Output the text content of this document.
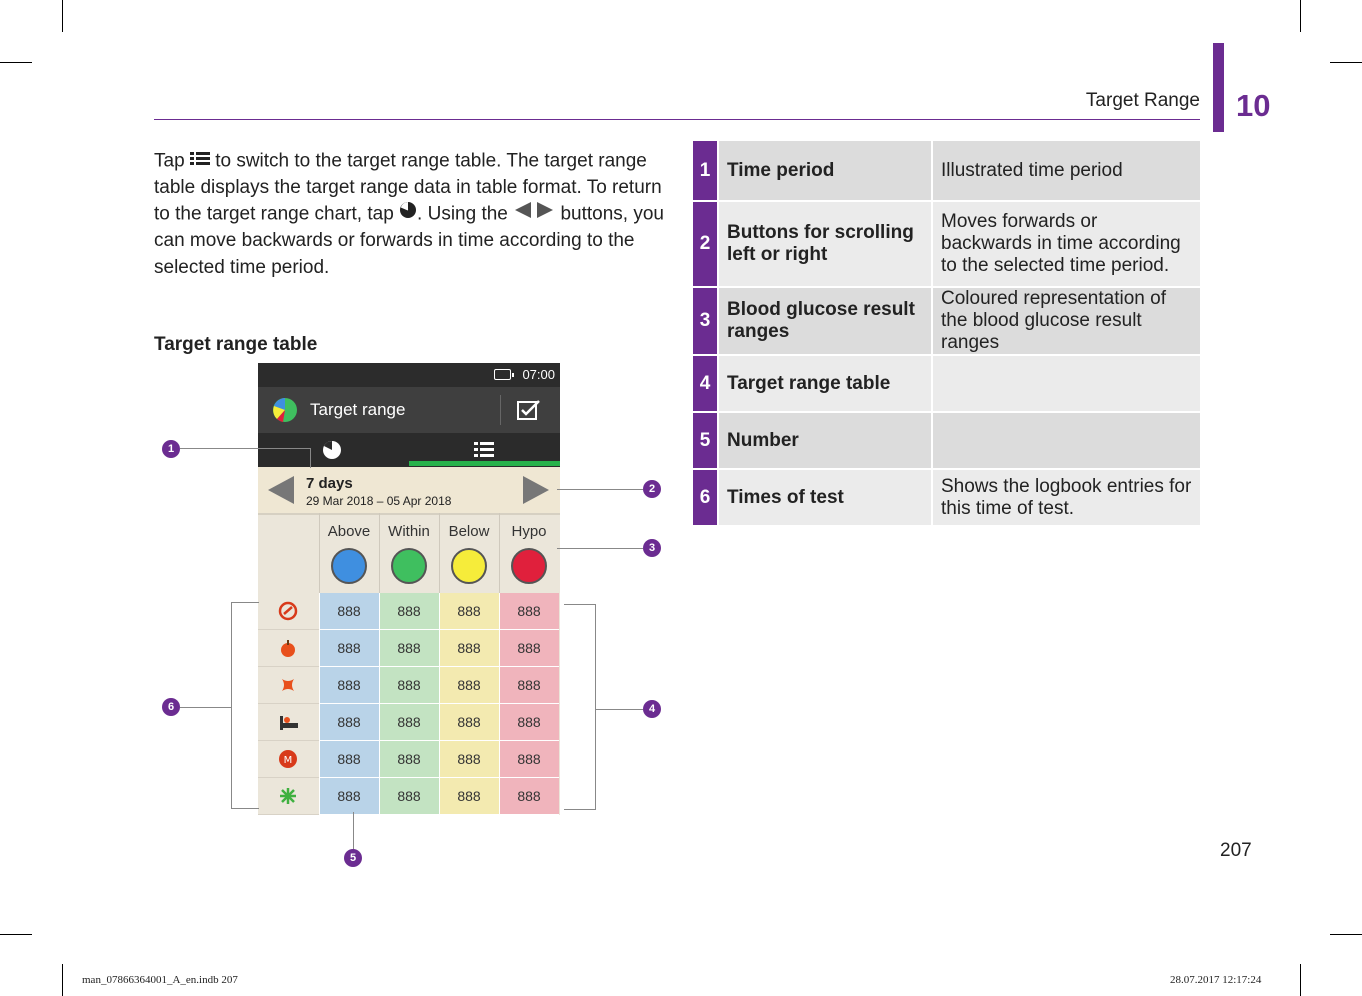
Target Range 10
Tap to switch to the target range table. The target range table displays the target range data in table format. To return to the target range chart, tap . Using the	buttons, you can move backwards or forwards in time according to the selected time period.
Target range table
07:00
Target range
7 days
29 Mar 2018 – 05 Apr 2018
Above	Within	Below	Hypo
888	888	888	888
888	888	888	888
888	888	888	888
888	888	888	888
M	888	888	888	888
888	888	888	888
1
2
3
4
5
6
1	Time period	Illustrated time period
2	Buttons for scrolling left or right	Moves forwards or backwards in time according to the selected time period.
3	Blood glucose result ranges	Coloured representation of the blood glucose result ranges
4	Target range table	
5	Number	
6	Times of test	Shows the logbook entries for this time of test.
207
man_07866364001_A_en.indb 207	28.07.2017 12:17:24
